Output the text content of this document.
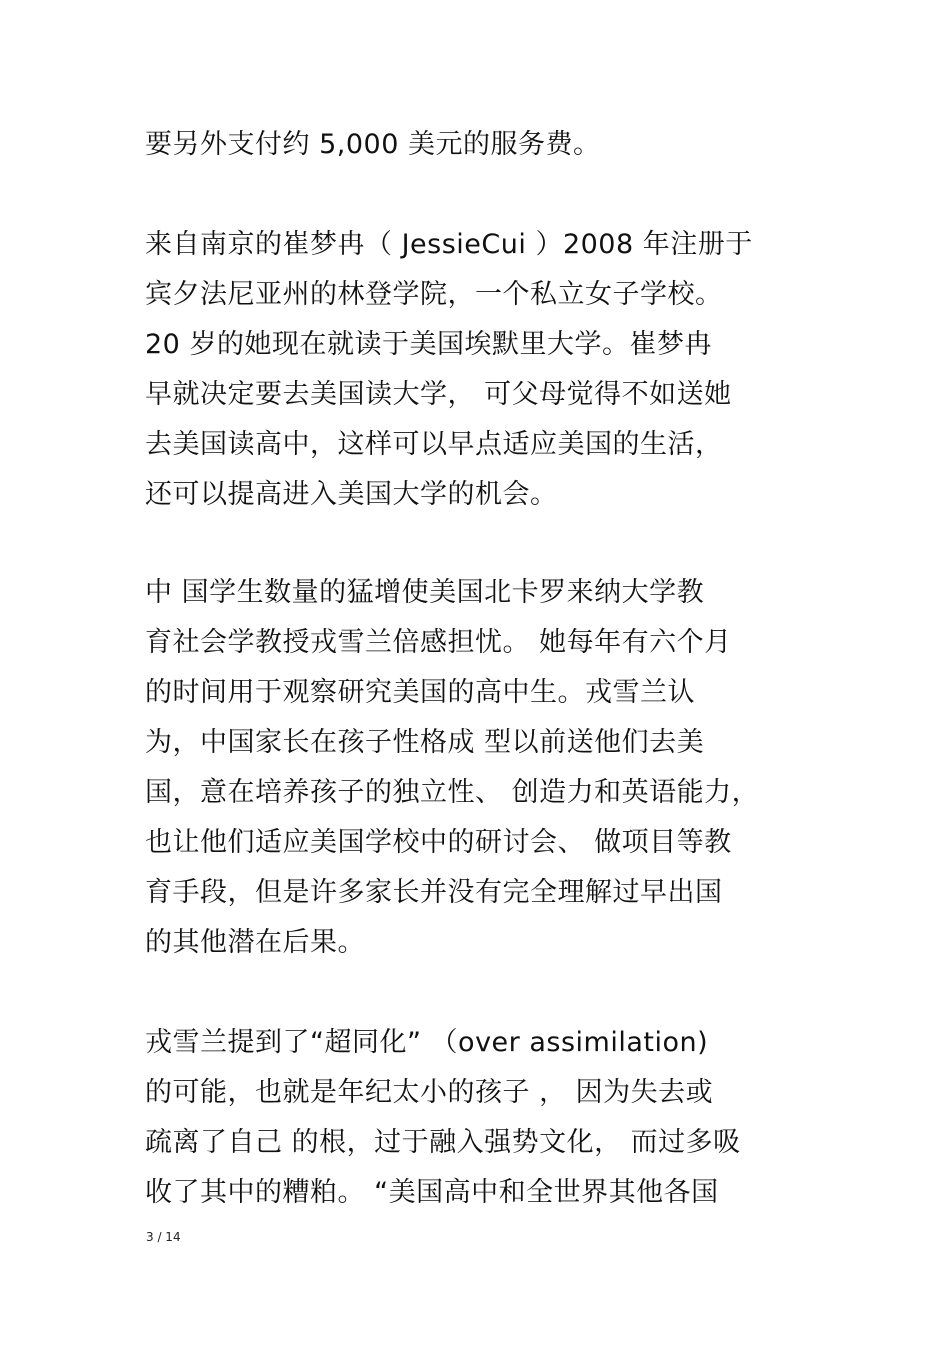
要另外支付约 5,000 美元的服务费。
来自南京的崔梦冉（ JessieCui ）2008 年注册于
宾夕法尼亚州的林登学院，一个私立女子学校。
20 岁的她现在就读于美国埃默里大学。崔梦冉
早就决定要去美国读大学， 可父母觉得不如送她
去美国读高中，这样可以早点适应美国的生活，
还可以提高进入美国大学的机会。
中 国学生数量的猛增使美国北卡罗来纳大学教
育社会学教授戎雪兰倍感担忧。 她每年有六个月
的时间用于观察研究美国的高中生。戎雪兰认
为，中国家长在孩子性格成 型以前送他们去美
国，意在培养孩子的独立性、 创造力和英语能力，
也让他们适应美国学校中的研讨会、 做项目等教
育手段，但是许多家长并没有完全理解过早出国
的其他潜在后果。
戎雪兰提到了“超同化” （over assimilation)
的可能，也就是年纪太小的孩子 ， 因为失去或
疏离了自己 的根，过于融入强势文化， 而过多吸
收了其中的糟粕。 “美国高中和全世界其他各国
3 / 14
